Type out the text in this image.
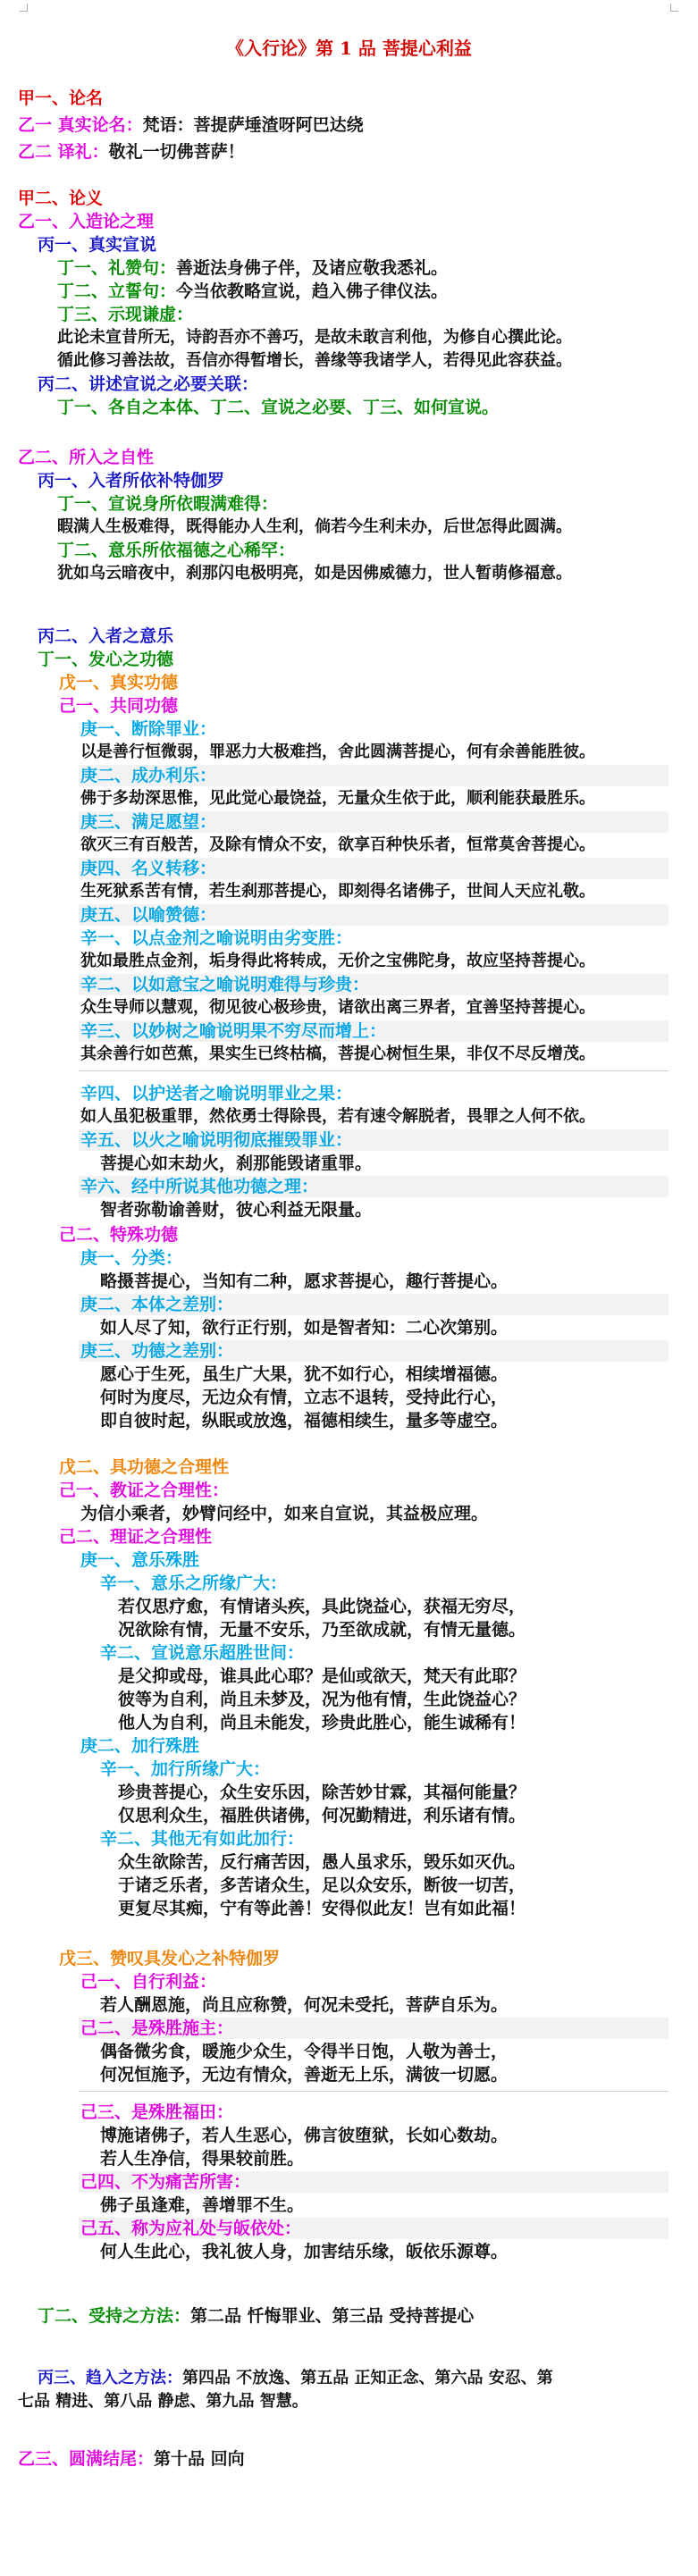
《入行论》第 1 品 菩提心利益
甲一、论名
乙一 真实论名：梵语：菩提萨埵渣呀阿巴达绕
乙二 译礼：敬礼一切佛菩萨！
甲二、论义
乙一、入造论之理
丙一、真实宣说
丁一、礼赞句：善逝法身佛子伴，及诸应敬我悉礼。
丁二、立誓句：今当依教略宣说，趋入佛子律仪法。
丁三、示现谦虚：
此论未宣昔所无，诗韵吾亦不善巧，是故未敢言利他，为修自心撰此论。
循此修习善法故，吾信亦得暂增长，善缘等我诸学人，若得见此容获益。
丙二、讲述宣说之必要关联：
丁一、各自之本体、丁二、宣说之必要、丁三、如何宣说。
乙二、所入之自性
丙一、入者所依补特伽罗
丁一、宣说身所依暇满难得：
暇满人生极难得，既得能办人生利，倘若今生利未办，后世怎得此圆满。
丁二、意乐所依福德之心稀罕：
犹如乌云暗夜中，刹那闪电极明亮，如是因佛威德力，世人暂萌修福意。
丙二、入者之意乐
丁一、发心之功德
戊一、真实功德
己一、共同功德
庚一、断除罪业：
以是善行恒微弱，罪恶力大极难挡，舍此圆满菩提心，何有余善能胜彼。
庚二、成办利乐：
佛于多劫深思惟，见此觉心最饶益，无量众生依于此，顺利能获最胜乐。
庚三、满足愿望：
欲灭三有百般苦，及除有情众不安，欲享百种快乐者，恒常莫舍菩提心。
庚四、名义转移：
生死狱系苦有情，若生刹那菩提心，即刻得名诸佛子，世间人天应礼敬。
庚五、以喻赞德：
辛一、以点金剂之喻说明由劣变胜：
犹如最胜点金剂，垢身得此将转成，无价之宝佛陀身，故应坚持菩提心。
辛二、以如意宝之喻说明难得与珍贵：
众生导师以慧观，彻见彼心极珍贵，诸欲出离三界者，宜善坚持菩提心。
辛三、以妙树之喻说明果不穷尽而增上：
其余善行如芭蕉，果实生已终枯槁，菩提心树恒生果，非仅不尽反增茂。
辛四、以护送者之喻说明罪业之果：
如人虽犯极重罪，然依勇士得除畏，若有速令解脱者，畏罪之人何不依。
辛五、以火之喻说明彻底摧毁罪业：
菩提心如末劫火，刹那能毁诸重罪。
辛六、经中所说其他功德之理：
智者弥勒谕善财，彼心利益无限量。
己二、特殊功德
庚一、分类：
略摄菩提心，当知有二种，愿求菩提心，趣行菩提心。
庚二、本体之差别：
如人尽了知，欲行正行别，如是智者知：二心次第别。
庚三、功德之差别：
愿心于生死，虽生广大果，犹不如行心，相续增福德。
何时为度尽，无边众有情，立志不退转，受持此行心，
即自彼时起，纵眠或放逸，福德相续生，量多等虚空。
戊二、具功德之合理性
己一、教证之合理性：
为信小乘者，妙臂问经中，如来自宣说，其益极应理。
己二、理证之合理性
庚一、意乐殊胜
辛一、意乐之所缘广大：
若仅思疗愈，有情诸头疾，具此饶益心，获福无穷尽，
况欲除有情，无量不安乐，乃至欲成就，有情无量德。
辛二、宣说意乐超胜世间：
是父抑或母，谁具此心耶？是仙或欲天，梵天有此耶？
彼等为自利，尚且未梦及，况为他有情，生此饶益心？
他人为自利，尚且未能发，珍贵此胜心，能生诚稀有！
庚二、加行殊胜
辛一、加行所缘广大：
珍贵菩提心，众生安乐因，除苦妙甘霖，其福何能量？
仅思利众生，福胜供诸佛，何况勤精进，利乐诸有情。
辛二、其他无有如此加行：
众生欲除苦，反行痛苦因，愚人虽求乐，毁乐如灭仇。
于诸乏乐者，多苦诸众生，足以众安乐，断彼一切苦，
更复尽其痴，宁有等此善！安得似此友！岂有如此福！
戊三、赞叹具发心之补特伽罗
己一、自行利益：
若人酬恩施，尚且应称赞，何况未受托，菩萨自乐为。
己二、是殊胜施主：
偶备微劣食，暖施少众生，令得半日饱，人敬为善士，
何况恒施予，无边有情众，善逝无上乐，满彼一切愿。
己三、是殊胜福田：
博施诸佛子，若人生恶心，佛言彼堕狱，长如心数劫。
若人生净信，得果较前胜。
己四、不为痛苦所害：
佛子虽逢难，善增罪不生。
己五、称为应礼处与皈依处：
何人生此心，我礼彼人身，加害结乐缘，皈依乐源尊。
丁二、受持之方法：第二品 忏悔罪业、第三品 受持菩提心
丙三、趋入之方法：第四品 不放逸、第五品 正知正念、第六品 安忍、第
七品 精进、第八品 静虑、第九品 智慧。
乙三、圆满结尾：第十品 回向
